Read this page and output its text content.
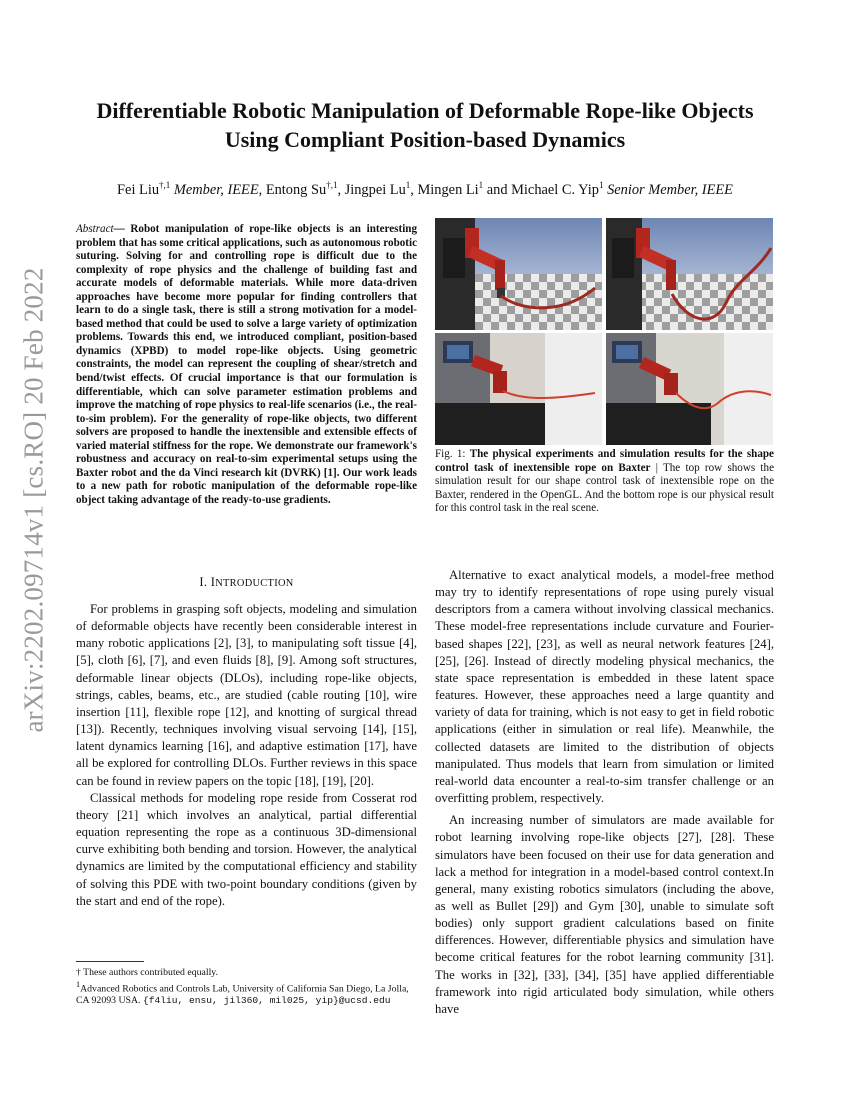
arXiv:2202.09714v1 [cs.RO] 20 Feb 2022
Differentiable Robotic Manipulation of Deformable Rope-like Objects
Using Compliant Position-based Dynamics
Fei Liu$^{\dagger,1}$ Member, IEEE, Entong $Su^{\dagger,1}$, Jingpei Lu$^1$, Mingen Li$^1$ and Michael C. Yip$^1$ Senior Member, IEEE
Abstract— Robot manipulation of rope-like objects is an interesting problem that has some critical applications, such as autonomous robotic suturing. Solving for and controlling rope is difficult due to the complexity of rope physics and the challenge of building fast and accurate models of deformable materials. While more data-driven approaches have become more popular for finding controllers that learn to do a single task, there is still a strong motivation for a model-based method that could be used to solve a large variety of optimization problems. Towards this end, we introduced compliant, position-based dynamics (XPBD) to model rope-like objects. Using geometric constraints, the model can represent the coupling of shear/stretch and bend/twist effects. Of crucial importance is that our formulation is differentiable, which can solve parameter estimation problems and improve the matching of rope physics to real-life scenarios (i.e., the real-to-sim problem). For the generality of rope-like objects, two different solvers are proposed to handle the inextensible and extensible effects of varied material stiffness for the rope. We demonstrate our framework's robustness and accuracy on real-to-sim experimental setups using the Baxter robot and the da Vinci research kit (DVRK) [1]. Our work leads to a new path for robotic manipulation of the deformable rope-like object taking advantage of the ready-to-use gradients.
Fig. 1: The physical experiments and simulation results for the shape control task of inextensible rope on Baxter | The top row shows the simulation result for our shape control task of inextensible rope on the Baxter, rendered in the OpenGL. And the bottom rope is our physical result for this control task in the real scene.
I. INTRODUCTION

For problems in grasping soft objects, modeling and simulation of deformable objects have recently been considerable interest in many robotic applications [2], [3], to manipulating soft tissue [4], [5], cloth [6], [7], and even fluids [8], [9]. Among soft structures, deformable linear objects (DLOs), including rope-like objects, strings, cables, beams, etc., are studied (cable routing [10], wire insertion [11], flexible rope [12], and knotting of surgical thread [13]). Recently, techniques involving visual servoing [14], [15], latent dynamics learning [16], and adaptive estimation [17], have all be explored for controlling DLOs. Further reviews in this space can be found in review papers on the topic [18], [19], [20].

Classical methods for modeling rope reside from Cosserat rod theory [21] which involves an analytical, partial differential equation representing the rope as a continuous 3D-dimensional curve exhibiting both bending and torsion. However, the analytical dynamics are limited by the computational efficiency and stability of solving this PDE with two-point boundary conditions (given by the start and end of the rope).

Alternative to exact analytical models, a model-free method may try to identify representations of rope using purely visual descriptors from a camera without involving classical mechanics. These model-free representations include curvature and Fourier-based shapes [22], [23], as well as neural network features [24], [25], [26]. Instead of directly modeling physical mechanics, the state space representation is embedded in these latent space features. However, these approaches need a large quantity and variety of data for training, which is not easy to get in field robotic applications (either in simulation or real life). Meanwhile, the collected datasets are limited to the distribution of objects manipulated. Thus models that learn from simulation or limited real-world data encounter a real-to-sim transfer challenge or an overfitting problem, respectively.

An increasing number of simulators are made available for robot learning involving rope-like objects [27], [28]. These simulators have been focused on their use for data generation and lack a method for integration in a model-based control context.In general, many existing robotics simulators (including the above, as well as Bullet [29]) and Gym [30], unable to simulate soft bodies) only support gradient calculations based on finite differences. However, differentiable physics and simulation have become critical features for the robot learning community [31]. The works in [32], [33], [34], [35] have applied differentiable framework into rigid articulated body simulation, while others have

† These authors contributed equally.
$^1$Advanced Robotics and Controls Lab, University of California San Diego, La Jolla, CA 92093 USA. {f4liu, ensu, jil360, mil025, yip}@ucsd.edu
